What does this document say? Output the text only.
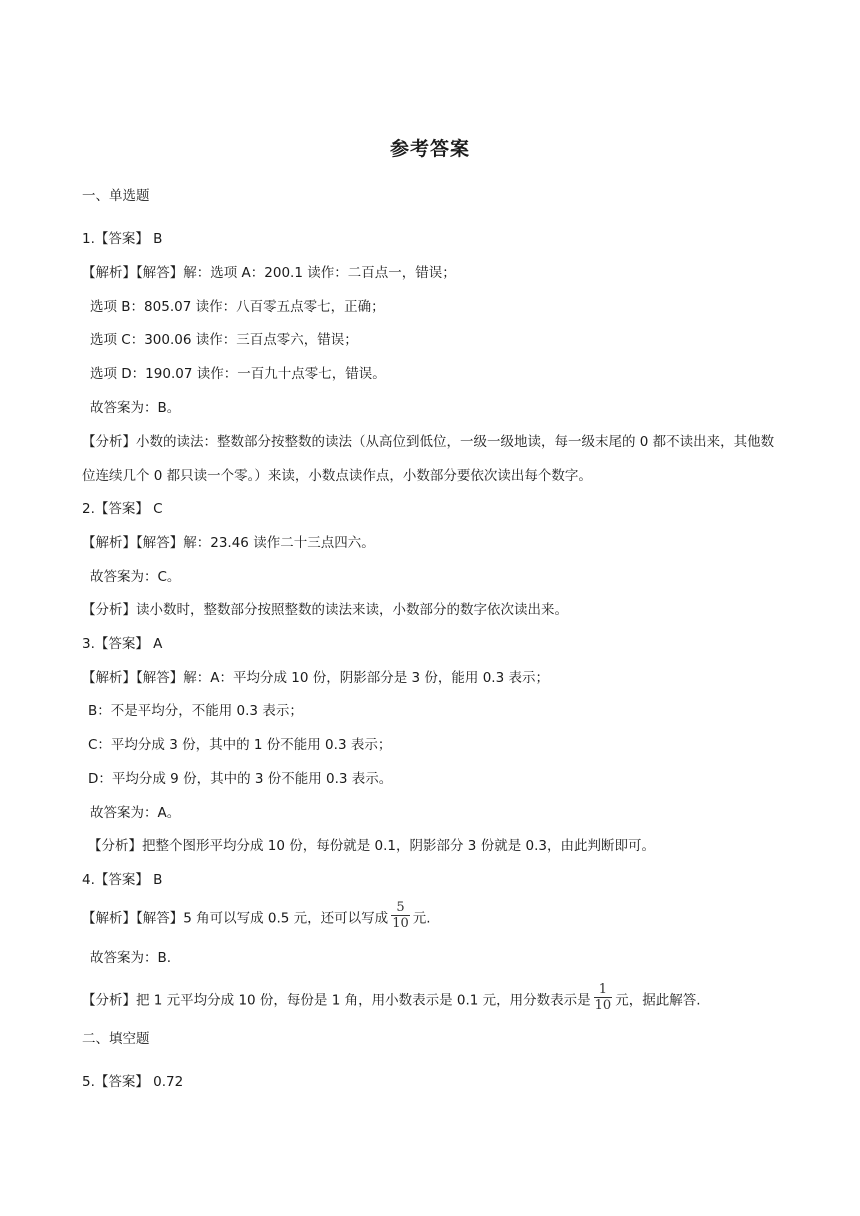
参考答案
一、单选题
1.【答案】 B
【解析】【解答】解：选项 A：200.1 读作：二百点一，错误；
选项 B：805.07 读作：八百零五点零七，正确；
选项 C：300.06 读作：三百点零六，错误；
选项 D：190.07 读作：一百九十点零七，错误。
故答案为：B。
【分析】小数的读法：整数部分按整数的读法（从高位到低位，一级一级地读，每一级末尾的 0 都不读出来，其他数位连续几个 0 都只读一个零。）来读，小数点读作点，小数部分要依次读出每个数字。
2.【答案】 C
【解析】【解答】解：23.46 读作二十三点四六。
故答案为：C。
【分析】读小数时，整数部分按照整数的读法来读，小数部分的数字依次读出来。
3.【答案】 A
【解析】【解答】解：A：平均分成 10 份，阴影部分是 3 份，能用 0.3 表示；
B：不是平均分，不能用 0.3 表示；
C：平均分成 3 份，其中的 1 份不能用 0.3 表示；
D：平均分成 9 份，其中的 3 份不能用 0.3 表示。
故答案为：A。
【分析】把整个图形平均分成 10 份，每份就是 0.1，阴影部分 3 份就是 0.3，由此判断即可。
4.【答案】 B
【解析】【解答】5 角可以写成 0.5 元，还可以写成 $\frac{5}{10}$ 元.
故答案为：B.
【分析】把 1 元平均分成 10 份，每份是 1 角，用小数表示是 0.1 元，用分数表示是 $\frac{1}{10}$ 元，据此解答.
二、填空题
5.【答案】 0.72
